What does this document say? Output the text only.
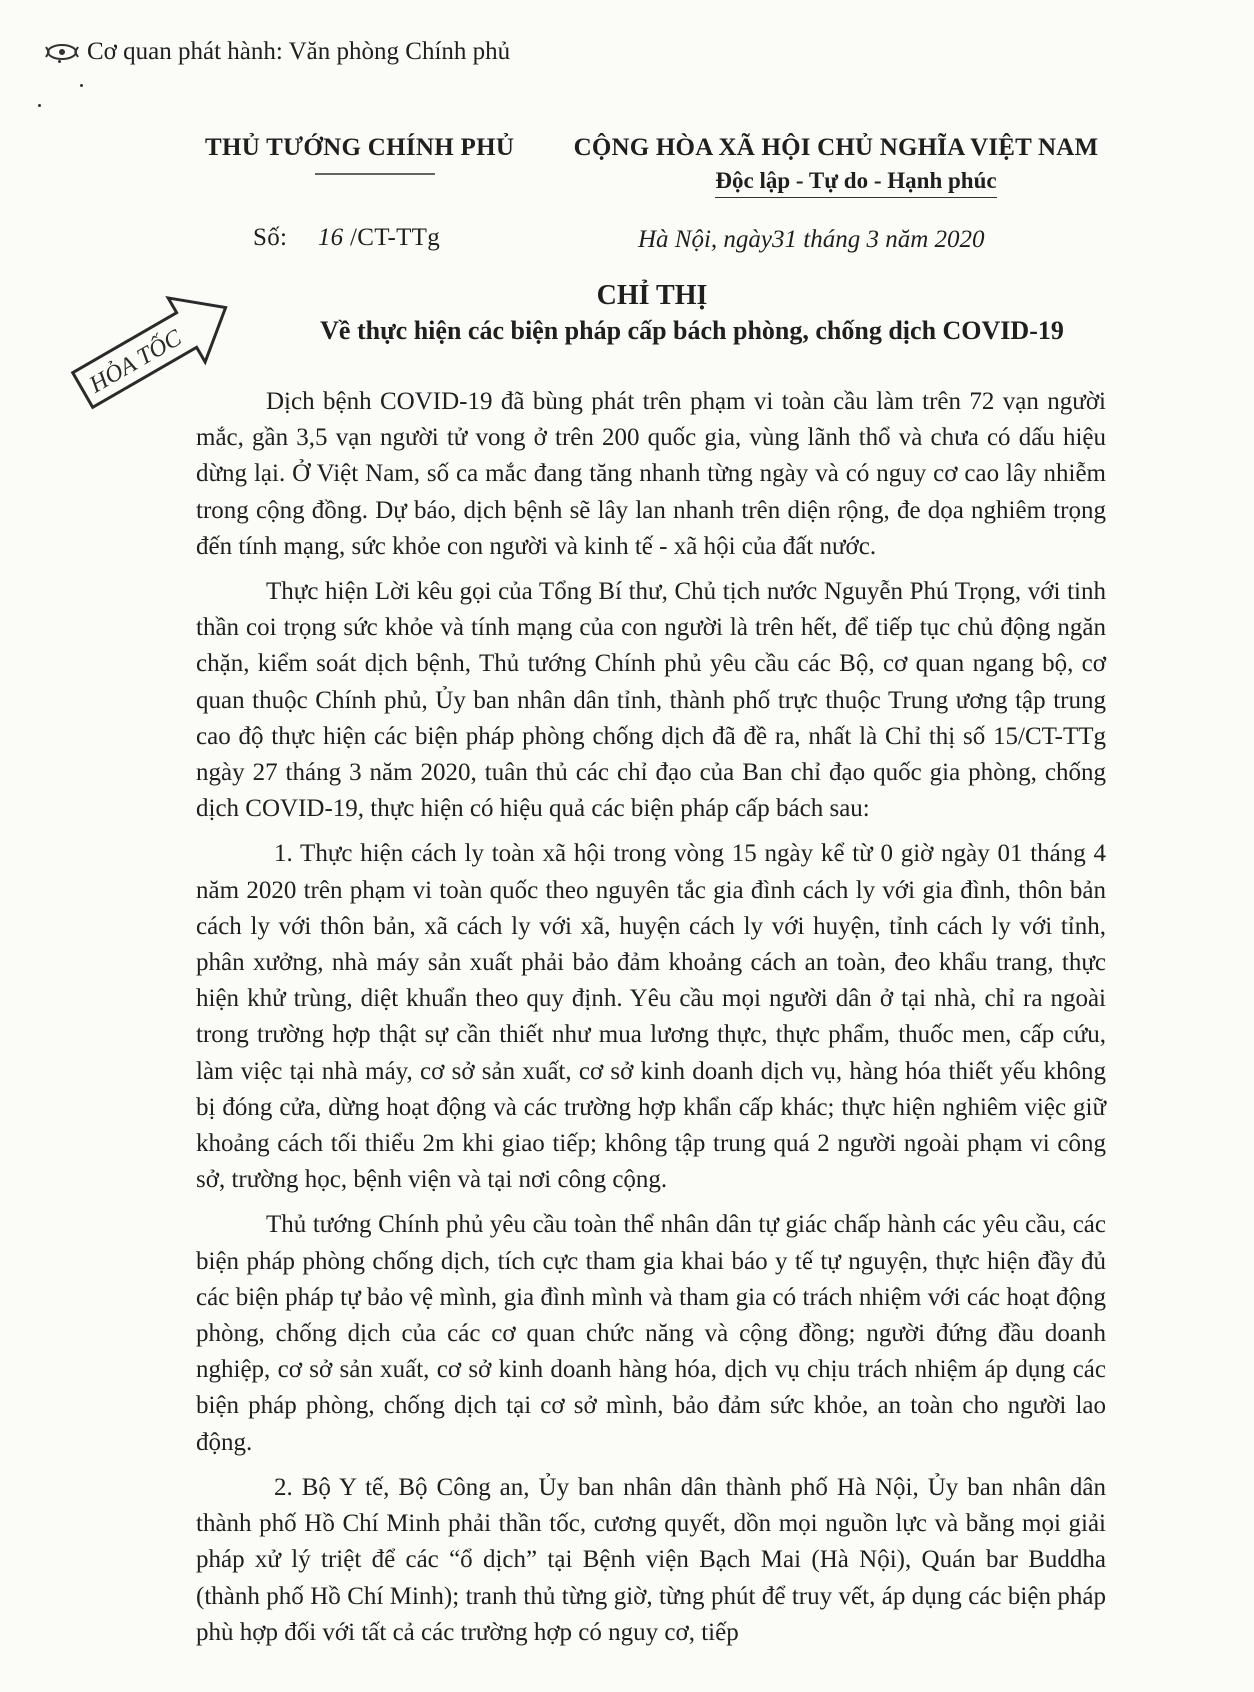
Cơ quan phát hành: Văn phòng Chính phủ
THỦ TƯỚNG CHÍNH PHỦ
Số: 16 /CT-TTg
CỘNG HÒA XÃ HỘI CHỦ NGHĨA VIỆT NAM
Độc lập - Tự do - Hạnh phúc
Hà Nội, ngày31 tháng 3 năm 2020
HỎA TỐC
CHỈ THỊ
Về thực hiện các biện pháp cấp bách phòng, chống dịch COVID-19

Dịch bệnh COVID-19 đã bùng phát trên phạm vi toàn cầu làm trên 72 vạn người mắc, gần 3,5 vạn người tử vong ở trên 200 quốc gia, vùng lãnh thổ và chưa có dấu hiệu dừng lại. Ở Việt Nam, số ca mắc đang tăng nhanh từng ngày và có nguy cơ cao lây nhiễm trong cộng đồng. Dự báo, dịch bệnh sẽ lây lan nhanh trên diện rộng, đe dọa nghiêm trọng đến tính mạng, sức khỏe con người và kinh tế - xã hội của đất nước.

Thực hiện Lời kêu gọi của Tổng Bí thư, Chủ tịch nước Nguyễn Phú Trọng, với tinh thần coi trọng sức khỏe và tính mạng của con người là trên hết, để tiếp tục chủ động ngăn chặn, kiểm soát dịch bệnh, Thủ tướng Chính phủ yêu cầu các Bộ, cơ quan ngang bộ, cơ quan thuộc Chính phủ, Ủy ban nhân dân tỉnh, thành phố trực thuộc Trung ương tập trung cao độ thực hiện các biện pháp phòng chống dịch đã đề ra, nhất là Chỉ thị số 15/CT-TTg ngày 27 tháng 3 năm 2020, tuân thủ các chỉ đạo của Ban chỉ đạo quốc gia phòng, chống dịch COVID-19, thực hiện có hiệu quả các biện pháp cấp bách sau:

1. Thực hiện cách ly toàn xã hội trong vòng 15 ngày kể từ 0 giờ ngày 01 tháng 4 năm 2020 trên phạm vi toàn quốc theo nguyên tắc gia đình cách ly với gia đình, thôn bản cách ly với thôn bản, xã cách ly với xã, huyện cách ly với huyện, tỉnh cách ly với tỉnh, phân xưởng, nhà máy sản xuất phải bảo đảm khoảng cách an toàn, đeo khẩu trang, thực hiện khử trùng, diệt khuẩn theo quy định. Yêu cầu mọi người dân ở tại nhà, chỉ ra ngoài trong trường hợp thật sự cần thiết như mua lương thực, thực phẩm, thuốc men, cấp cứu, làm việc tại nhà máy, cơ sở sản xuất, cơ sở kinh doanh dịch vụ, hàng hóa thiết yếu không bị đóng cửa, dừng hoạt động và các trường hợp khẩn cấp khác; thực hiện nghiêm việc giữ khoảng cách tối thiểu 2m khi giao tiếp; không tập trung quá 2 người ngoài phạm vi công sở, trường học, bệnh viện và tại nơi công cộng.

Thủ tướng Chính phủ yêu cầu toàn thể nhân dân tự giác chấp hành các yêu cầu, các biện pháp phòng chống dịch, tích cực tham gia khai báo y tế tự nguyện, thực hiện đầy đủ các biện pháp tự bảo vệ mình, gia đình mình và tham gia có trách nhiệm với các hoạt động phòng, chống dịch của các cơ quan chức năng và cộng đồng; người đứng đầu doanh nghiệp, cơ sở sản xuất, cơ sở kinh doanh hàng hóa, dịch vụ chịu trách nhiệm áp dụng các biện pháp phòng, chống dịch tại cơ sở mình, bảo đảm sức khỏe, an toàn cho người lao động.

2. Bộ Y tế, Bộ Công an, Ủy ban nhân dân thành phố Hà Nội, Ủy ban nhân dân thành phố Hồ Chí Minh phải thần tốc, cương quyết, dồn mọi nguồn lực và bằng mọi giải pháp xử lý triệt để các “ổ dịch” tại Bệnh viện Bạch Mai (Hà Nội), Quán bar Buddha (thành phố Hồ Chí Minh); tranh thủ từng giờ, từng phút để truy vết, áp dụng các biện pháp phù hợp đối với tất cả các trường hợp có nguy cơ, tiếp
